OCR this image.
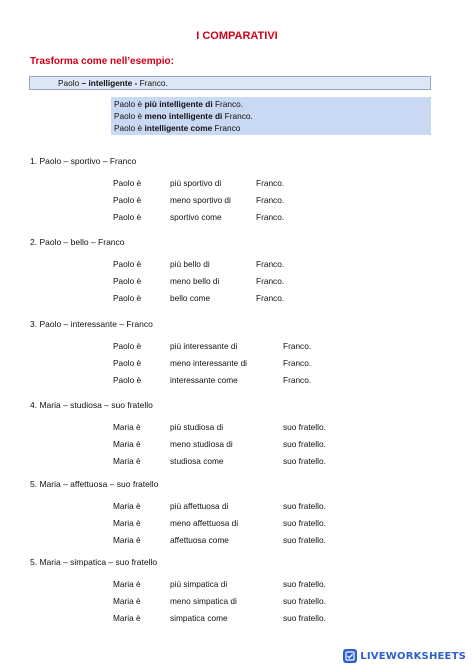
I COMPARATIVI
Trasforma come nell’esempio:
Paolo – intelligente - Franco.
Paolo è più intelligente di Franco.
Paolo è meno intelligente di Franco.
Paolo è intelligente come Franco
1. Paolo – sportivo – Franco
Paolo è	più sportivo di	Franco.
Paolo è	meno sportivo di	Franco.
Paolo è	sportivo come	Franco.
2. Paolo – bello – Franco
Paolo è	più bello di	Franco.
Paolo è	meno bello di	Franco.
Paolo è	bello come	Franco.
3. Paolo – interessante – Franco
Paolo è	più interessante di	Franco.
Paolo è	meno interessante di	Franco.
Paolo è	interessante come	Franco.
4. Maria – studiosa – suo fratello
Maria è	più studiosa di	suo fratello.
Maria è	meno studiosa di	suo fratello.
Maria è	studiosa come	suo fratello.
5. Maria – affettuosa – suo fratello
Maria è	più affettuosa di	suo fratello.
Maria è	meno affettuosa di	suo fratello.
Maria è	affettuosa come	suo fratello.
5. Maria – simpatica – suo fratello
Maria è	più simpatica di	suo fratello.
Maria è	meno simpatica di	suo fratello.
Maria è	simpatica come	suo fratello.
LIVEWORKSHEETS
